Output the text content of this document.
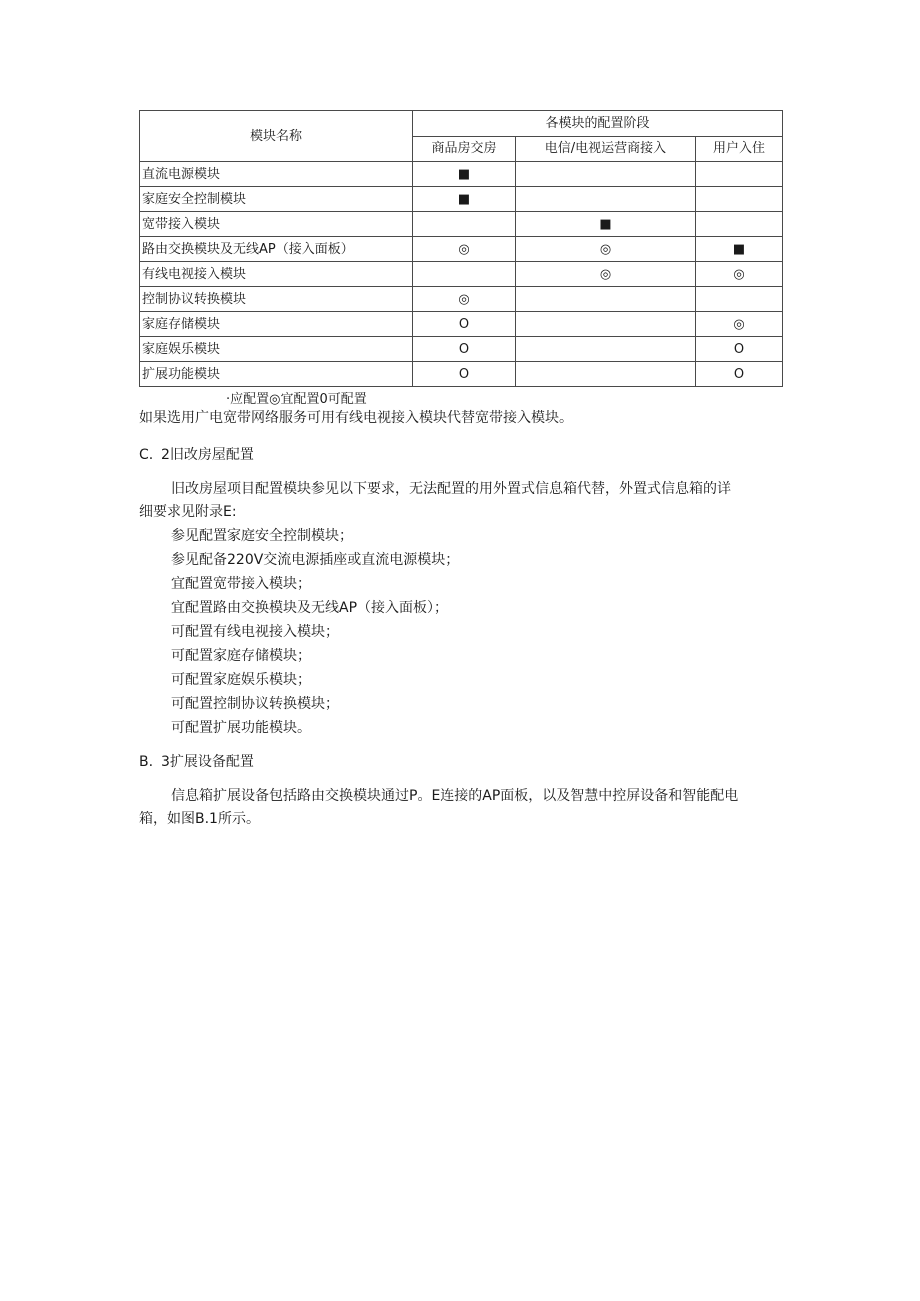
模块名称	各模块的配置阶段		
	商品房交房	电信/电视运营商接入	用户入住
直流电源模块	■		
家庭安全控制模块	■		
宽带接入模块		■	
路由交换模块及无线AP（接入面板）	◎	◎	■
有线电视接入模块		◎	◎
控制协议转换模块	◎		
家庭存储模块	O		◎
家庭娱乐模块	O		O
扩展功能模块	O		O
·应配置◎宜配置0可配置
如果选用广电宽带网络服务可用有线电视接入模块代替宽带接入模块。
C. 2旧改房屋配置
旧改房屋项目配置模块参见以下要求，无法配置的用外置式信息箱代替，外置式信息箱的详
细要求见附录E:
参见配置家庭安全控制模块；
参见配备220V交流电源插座或直流电源模块；
宜配置宽带接入模块；
宜配置路由交换模块及无线AP（接入面板）；
可配置有线电视接入模块；
可配置家庭存储模块；
可配置家庭娱乐模块；
可配置控制协议转换模块；
可配置扩展功能模块。
B. 3扩展设备配置
信息箱扩展设备包括路由交换模块通过P。E连接的AP面板，以及智慧中控屏设备和智能配电
箱，如图B.1所示。
